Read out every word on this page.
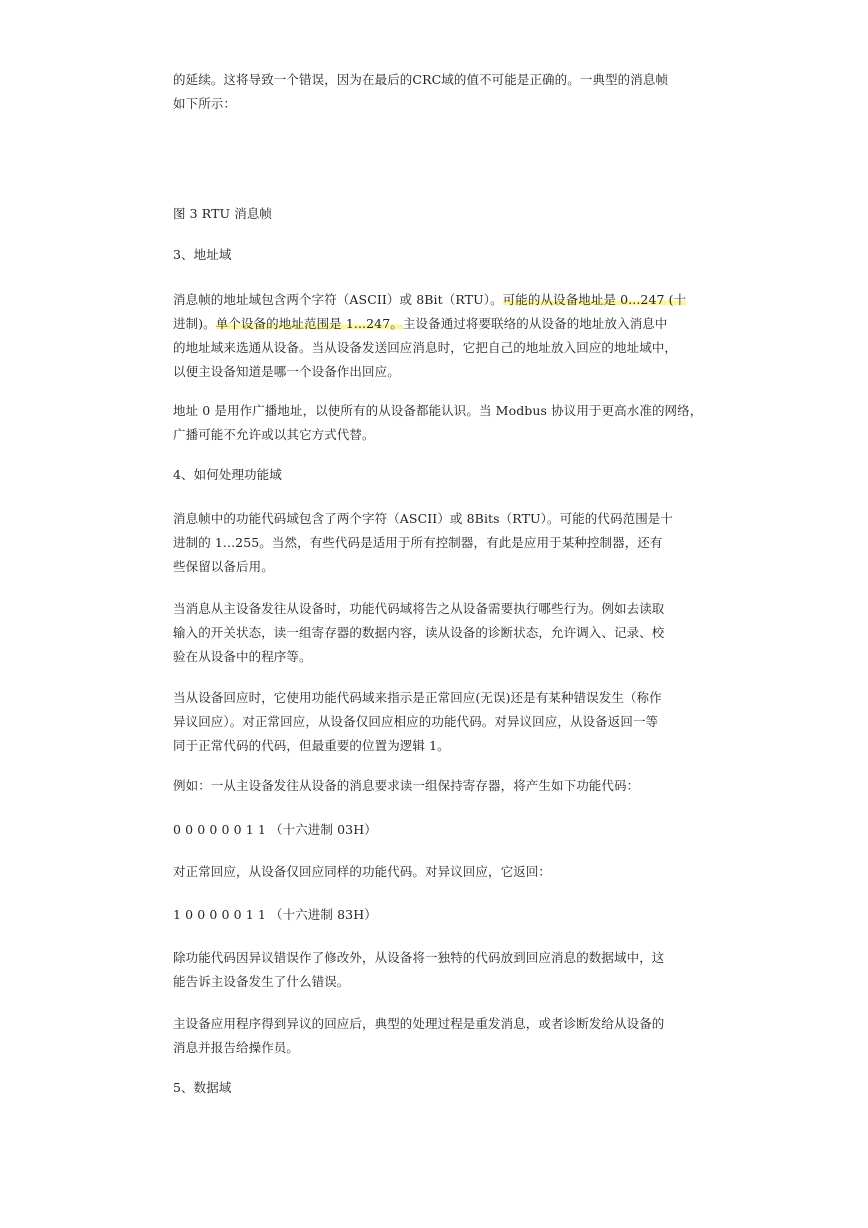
的延续。这将导致一个错误，因为在最后的CRC域的值不可能是正确的。一典型的消息帧
如下所示：

图 3 RTU 消息帧

3、地址域

消息帧的地址域包含两个字符（ASCII）或 8Bit（RTU）。可能的从设备地址是 0...247 (十
进制)。单个设备的地址范围是 1...247。主设备通过将要联络的从设备的地址放入消息中
的地址域来选通从设备。当从设备发送回应消息时，它把自己的地址放入回应的地址域中，
以便主设备知道是哪一个设备作出回应。

地址 0 是用作广播地址，以使所有的从设备都能认识。当 Modbus 协议用于更高水准的网络，
广播可能不允许或以其它方式代替。

4、如何处理功能域

消息帧中的功能代码域包含了两个字符（ASCII）或 8Bits（RTU）。可能的代码范围是十
进制的 1...255。当然，有些代码是适用于所有控制器，有此是应用于某种控制器，还有
些保留以备后用。

当消息从主设备发往从设备时，功能代码域将告之从设备需要执行哪些行为。例如去读取
输入的开关状态，读一组寄存器的数据内容，读从设备的诊断状态，允许调入、记录、校
验在从设备中的程序等。

当从设备回应时，它使用功能代码域来指示是正常回应(无误)还是有某种错误发生（称作
异议回应）。对正常回应，从设备仅回应相应的功能代码。对异议回应，从设备返回一等
同于正常代码的代码，但最重要的位置为逻辑 1。

例如：一从主设备发往从设备的消息要求读一组保持寄存器，将产生如下功能代码：

0 0 0 0 0 0 1 1 （十六进制 03H）

对正常回应，从设备仅回应同样的功能代码。对异议回应，它返回：

1 0 0 0 0 0 1 1 （十六进制 83H）

除功能代码因异议错误作了修改外，从设备将一独特的代码放到回应消息的数据域中，这
能告诉主设备发生了什么错误。

主设备应用程序得到异议的回应后，典型的处理过程是重发消息，或者诊断发给从设备的
消息并报告给操作员。

5、数据域
